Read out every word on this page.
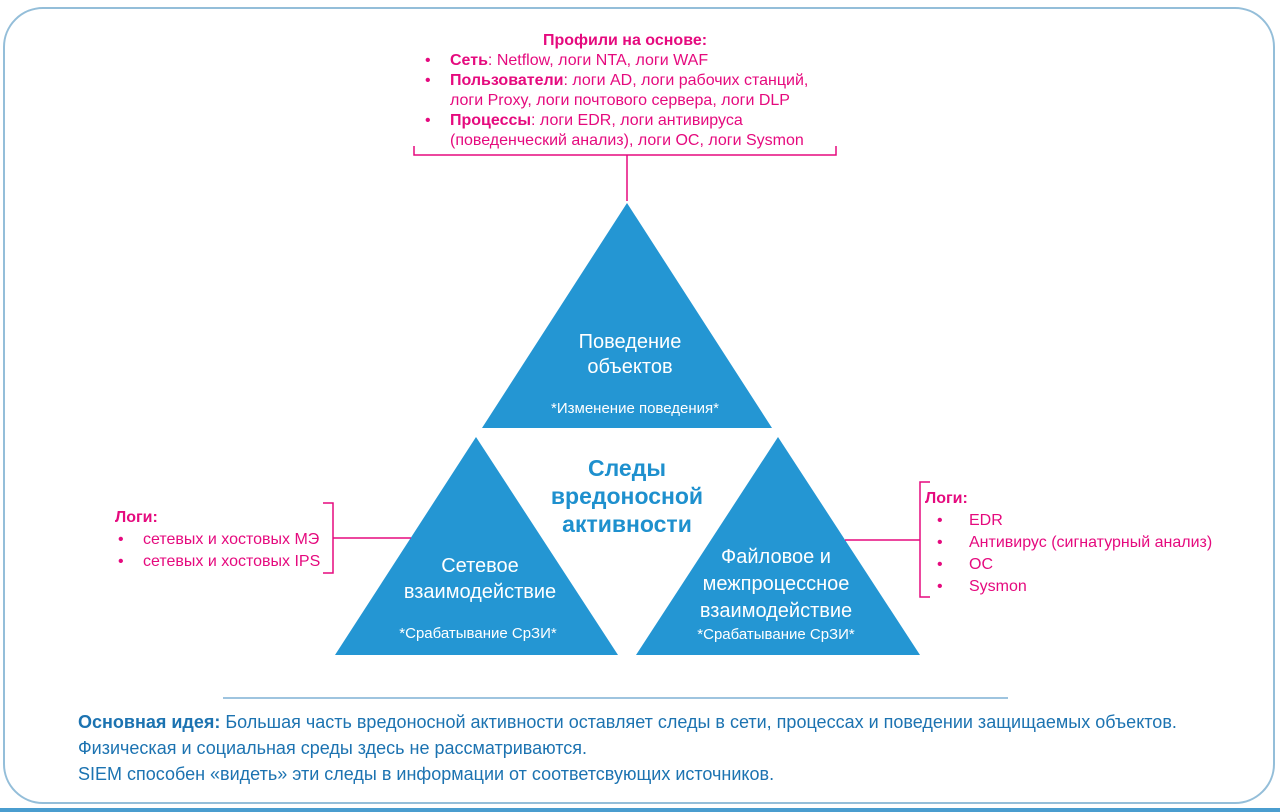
Профили на основе:
•	Сеть: Netflow, логи NTA, логи WAF
•	Пользователи: логи AD, логи рабочих станций,
логи Proxy, логи почтового сервера, логи DLP
•	Процессы: логи EDR, логи антивируса
(поведенческий анализ), логи ОС, логи Sysmon
Логи:
•	сетевых и хостовых МЭ
•	сетевых и хостовых IPS
Логи:
•	EDR
•	Антивирус (сигнатурный анализ)
•	ОС
•	Sysmon
Поведение
объектов
*Изменение поведения*
Сетевое
взаимодействие
*Срабатывание СрЗИ*
Файловое и
межпроцессное
взаимодействие
*Срабатывание СрЗИ*
Следы
вредоносной
активности
Основная идея: Большая часть вредоносной активности оставляет следы в сети, процессах и поведении защищаемых объектов.
Физическая и социальная среды здесь не рассматриваются.
SIEM способен «видеть» эти следы в информации от соответсвующих источников.
